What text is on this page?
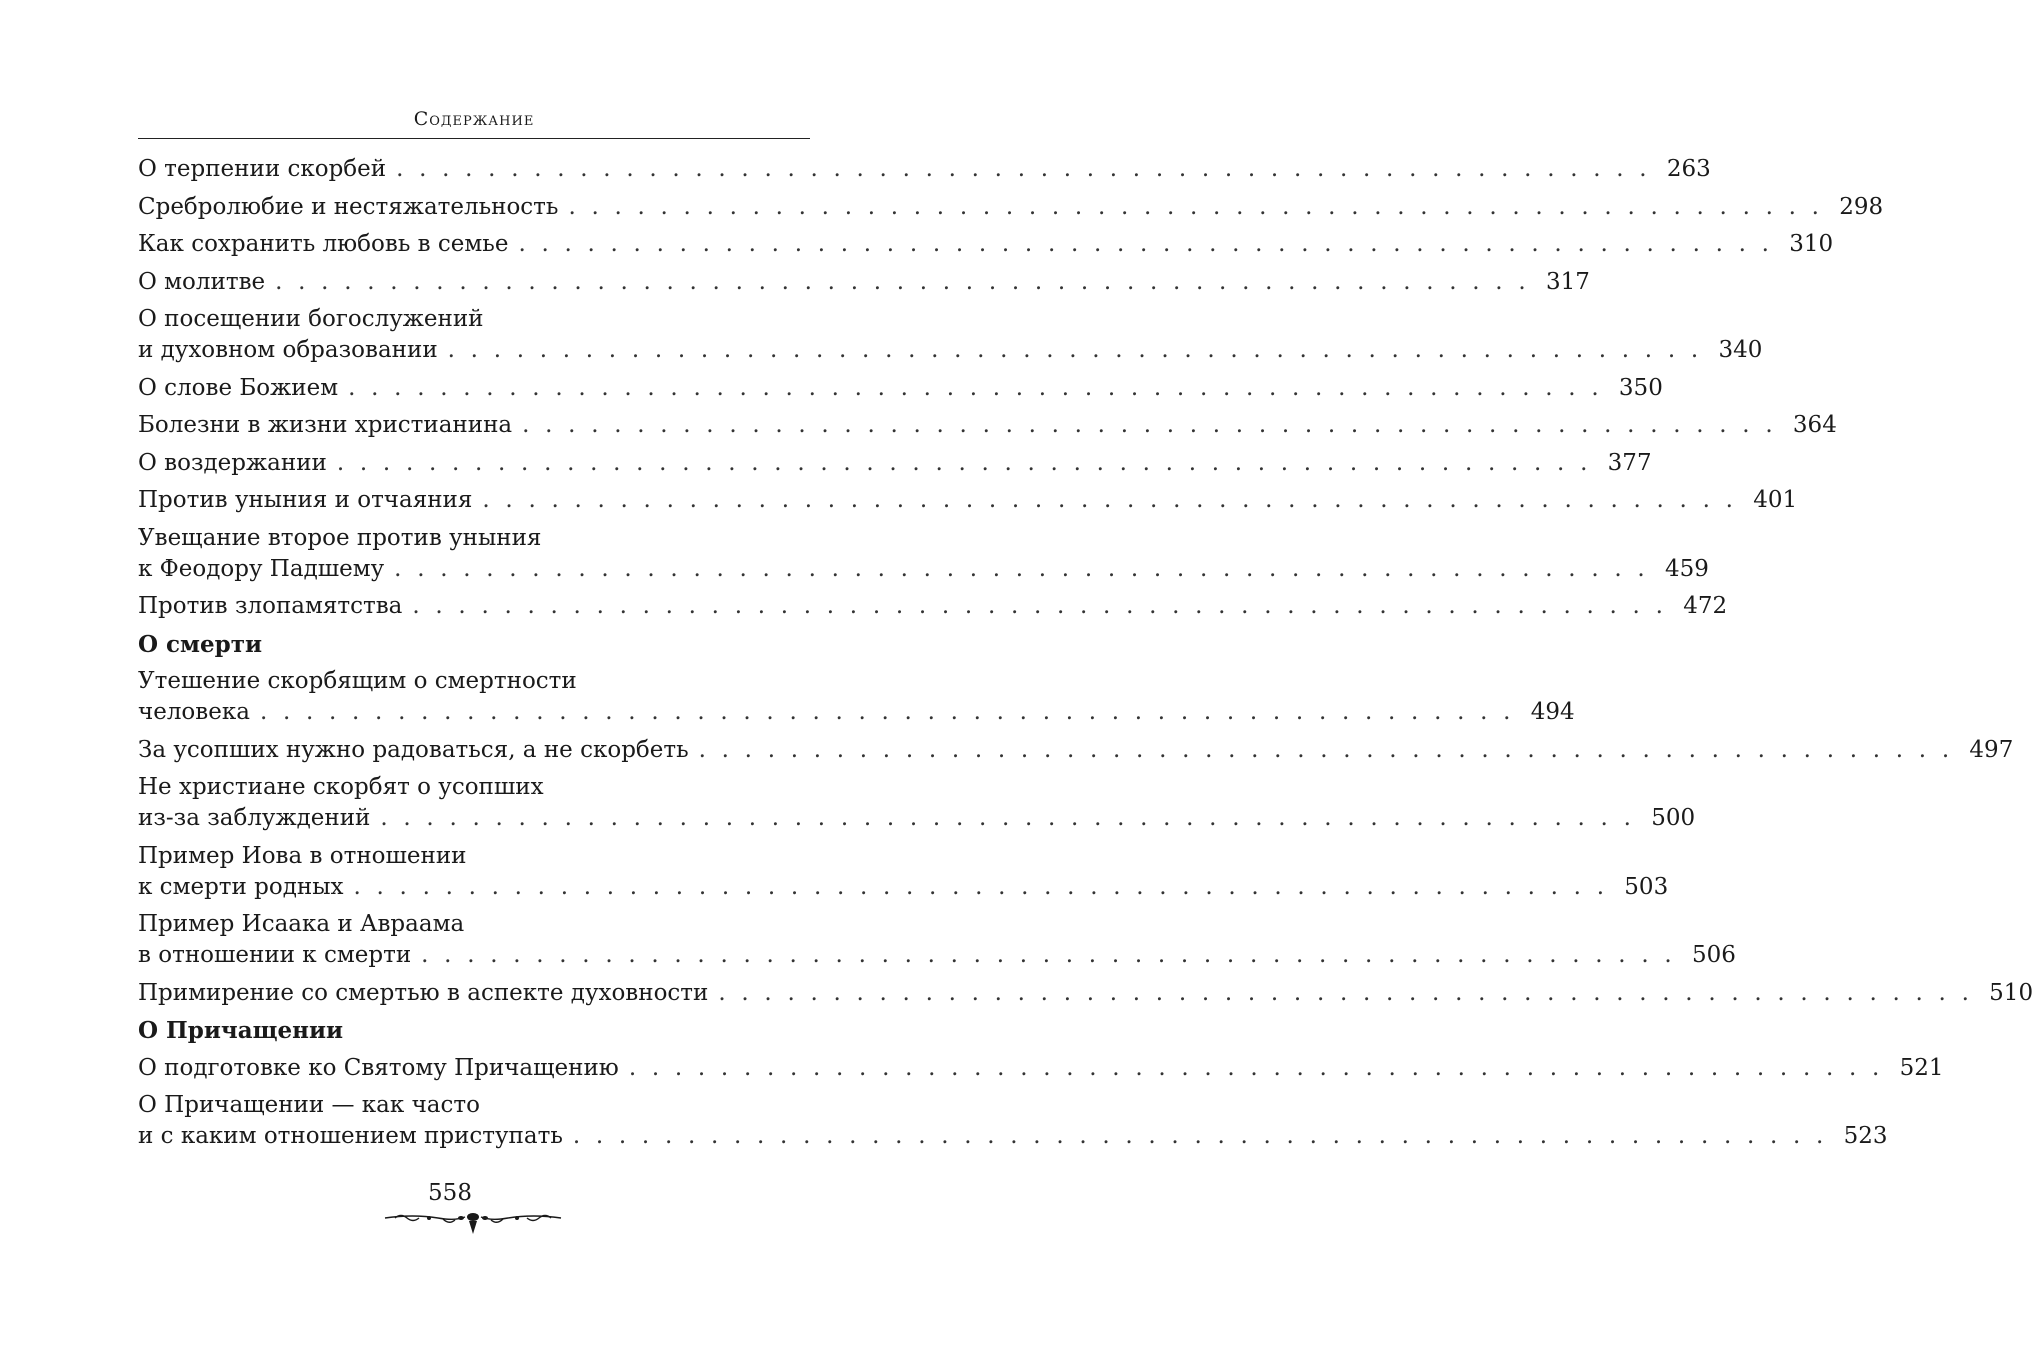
Содержание
О терпении скорбей . . . . . . . . . . . . . . . . . . . . . . . . . . . . . . . . . . . . . . . . . . . . . . . . . . . . . . . 263
Сребролюбие и нестяжательность . . . . . . . . . . . . . . . . . . . . . . . . . . . . . . . . . . . . . . . . . . . . . . . . . . . . . . . 298
Как сохранить любовь в семье . . . . . . . . . . . . . . . . . . . . . . . . . . . . . . . . . . . . . . . . . . . . . . . . . . . . . . . 310
О молитве . . . . . . . . . . . . . . . . . . . . . . . . . . . . . . . . . . . . . . . . . . . . . . . . . . . . . . . 317
О посещении богослужений
и духовном образовании . . . . . . . . . . . . . . . . . . . . . . . . . . . . . . . . . . . . . . . . . . . . . . . . . . . . . . . 340
О слове Божием . . . . . . . . . . . . . . . . . . . . . . . . . . . . . . . . . . . . . . . . . . . . . . . . . . . . . . . 350
Болезни в жизни христианина . . . . . . . . . . . . . . . . . . . . . . . . . . . . . . . . . . . . . . . . . . . . . . . . . . . . . . . 364
О воздержании . . . . . . . . . . . . . . . . . . . . . . . . . . . . . . . . . . . . . . . . . . . . . . . . . . . . . . . 377
Против уныния и отчаяния . . . . . . . . . . . . . . . . . . . . . . . . . . . . . . . . . . . . . . . . . . . . . . . . . . . . . . . 401
Увещание второе против уныния
к Феодору Падшему . . . . . . . . . . . . . . . . . . . . . . . . . . . . . . . . . . . . . . . . . . . . . . . . . . . . . . . 459
Против злопамятства . . . . . . . . . . . . . . . . . . . . . . . . . . . . . . . . . . . . . . . . . . . . . . . . . . . . . . . 472
О смерти
Утешение скорбящим о смертности
человека . . . . . . . . . . . . . . . . . . . . . . . . . . . . . . . . . . . . . . . . . . . . . . . . . . . . . . . 494
За усопших нужно радоваться, а не скорбеть . . . . . . . . . . . . . . . . . . . . . . . . . . . . . . . . . . . . . . . . . . . . . . . . . . . . . . . 497
Не христиане скорбят о усопших
из-за заблуждений . . . . . . . . . . . . . . . . . . . . . . . . . . . . . . . . . . . . . . . . . . . . . . . . . . . . . . . 500
Пример Иова в отношении
к смерти родных . . . . . . . . . . . . . . . . . . . . . . . . . . . . . . . . . . . . . . . . . . . . . . . . . . . . . . . 503
Пример Исаака и Авраама
в отношении к смерти . . . . . . . . . . . . . . . . . . . . . . . . . . . . . . . . . . . . . . . . . . . . . . . . . . . . . . . 506
Примирение со смертью в аспекте духовности . . . . . . . . . . . . . . . . . . . . . . . . . . . . . . . . . . . . . . . . . . . . . . . . . . . . . . . 510
О Причащении
О подготовке ко Святому Причащению . . . . . . . . . . . . . . . . . . . . . . . . . . . . . . . . . . . . . . . . . . . . . . . . . . . . . . . 521
О Причащении — как часто
и с каким отношением приступать . . . . . . . . . . . . . . . . . . . . . . . . . . . . . . . . . . . . . . . . . . . . . . . . . . . . . . . 523
558
